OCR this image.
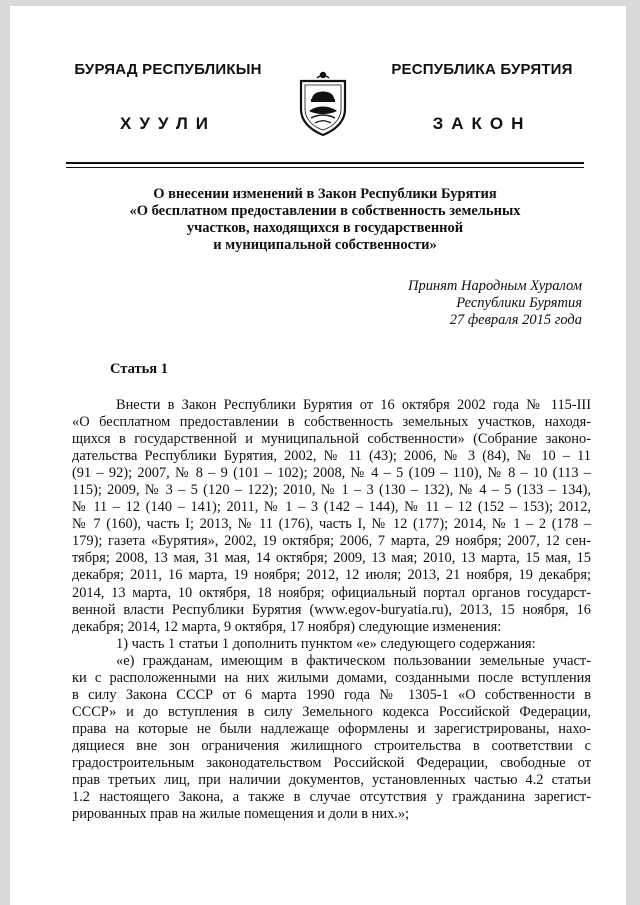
БУРЯАД РЕСПУБЛИКЫН
ХУУЛИ
РЕСПУБЛИКА БУРЯТИЯ
ЗАКОН
О внесении изменений в Закон Республики Бурятия
«О бесплатном предоставлении в собственность земельных
участков, находящихся в государственной
и муниципальной собственности»
Принят Народным Хуралом
Республики Бурятия
27 февраля 2015 года
Статья 1
Внести в Закон Республики Бурятия от 16 октября 2002 года № 115-III
«О бесплатном предоставлении в собственность земельных участков, находя-
щихся в государственной и муниципальной собственности» (Собрание законо-
дательства Республики Бурятия, 2002, № 11 (43); 2006, № 3 (84), № 10 – 11
(91 – 92); 2007, № 8 – 9 (101 – 102); 2008, № 4 – 5 (109 – 110), № 8 – 10 (113 –
115); 2009, № 3 – 5 (120 – 122); 2010, № 1 – 3 (130 – 132), № 4 – 5 (133 – 134),
№ 11 – 12 (140 – 141); 2011, № 1 – 3 (142 – 144), № 11 – 12 (152 – 153); 2012,
№ 7 (160), часть I; 2013, № 11 (176), часть I, № 12 (177); 2014, № 1 – 2 (178 –
179); газета «Бурятия», 2002, 19 октября; 2006, 7 марта, 29 ноября; 2007, 12 сен-
тября; 2008, 13 мая, 31 мая, 14 октября; 2009, 13 мая; 2010, 13 марта, 15 мая, 15
декабря; 2011, 16 марта, 19 ноября; 2012, 12 июля; 2013, 21 ноября, 19 декабря;
2014, 13 марта, 10 октября, 18 ноября; официальный портал органов государст-
венной власти Республики Бурятия (www.egov-buryatia.ru), 2013, 15 ноября, 16
декабря; 2014, 12 марта, 9 октября, 17 ноября) следующие изменения:
1) часть 1 статьи 1 дополнить пунктом «е» следующего содержания:
«е) гражданам, имеющим в фактическом пользовании земельные участ-
ки с расположенными на них жилыми домами, созданными после вступления
в силу Закона СССР от 6 марта 1990 года № 1305-1 «О собственности в
СССР» и до вступления в силу Земельного кодекса Российской Федерации,
права на которые не были надлежаще оформлены и зарегистрированы, нахо-
дящиеся вне зон ограничения жилищного строительства в соответствии с
градостроительным законодательством Российской Федерации, свободные от
прав третьих лиц, при наличии документов, установленных частью 4.2 статьи
1.2 настоящего Закона, а также в случае отсутствия у гражданина зарегист-
рированных прав на жилые помещения и доли в них.»;
